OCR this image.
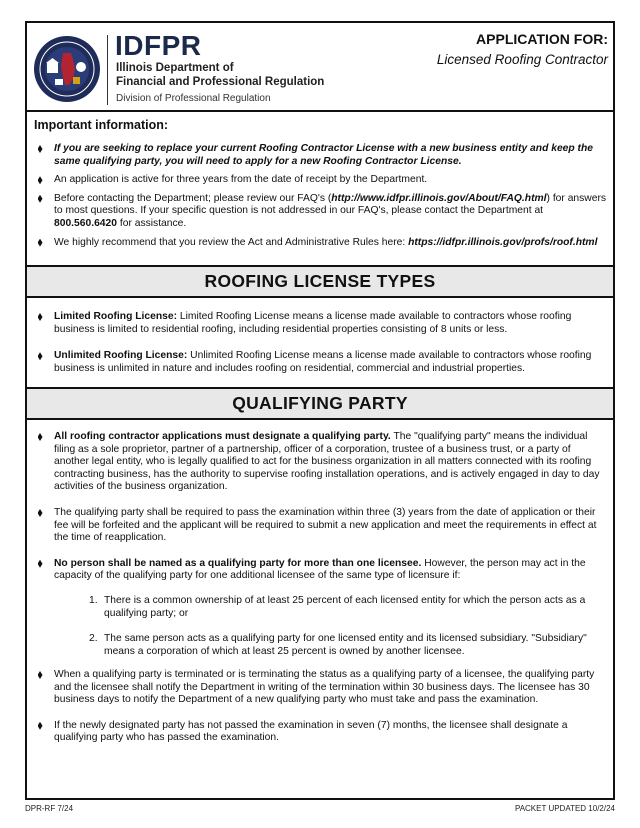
IDFPR
Illinois Department of
Financial and Professional Regulation
Division of Professional Regulation
APPLICATION FOR:
Licensed Roofing Contractor
Important information:
If you are seeking to replace your current Roofing Contractor License with a new business entity and keep the same qualifying party, you will need to apply for a new Roofing Contractor License.
An application is active for three years from the date of receipt by the Department.
Before contacting the Department; please review our FAQ's (http://www.idfpr.illinois.gov/About/FAQ.html) for answers to most questions. If your specific question is not addressed in our FAQ's, please contact the Department at 800.560.6420 for assistance.
We highly recommend that you review the Act and Administrative Rules here: https://idfpr.illinois.gov/profs/roof.html
ROOFING LICENSE TYPES
Limited Roofing License: Limited Roofing License means a license made available to contractors whose roofing business is limited to residential roofing, including residential properties consisting of 8 units or less.
Unlimited Roofing License: Unlimited Roofing License means a license made available to contractors whose roofing business is unlimited in nature and includes roofing on residential, commercial and industrial properties.
QUALIFYING PARTY
All roofing contractor applications must designate a qualifying party. The "qualifying party" means the individual filing as a sole proprietor, partner of a partnership, officer of a corporation, trustee of a business trust, or a party of another legal entity, who is legally qualified to act for the business organization in all matters connected with its roofing contracting business, has the authority to supervise roofing installation operations, and is actively engaged in day to day activities of the business organization.
The qualifying party shall be required to pass the examination within three (3) years from the date of application or their fee will be forfeited and the applicant will be required to submit a new application and meet the requirements in effect at the time of reapplication.
No person shall be named as a qualifying party for more than one licensee. However, the person may act in the capacity of the qualifying party for one additional licensee of the same type of licensure if:
1. There is a common ownership of at least 25 percent of each licensed entity for which the person acts as a qualifying party; or
2. The same person acts as a qualifying party for one licensed entity and its licensed subsidiary. "Subsidiary" means a corporation of which at least 25 percent is owned by another licensee.
When a qualifying party is terminated or is terminating the status as a qualifying party of a licensee, the qualifying party and the licensee shall notify the Department in writing of the termination within 30 business days. The licensee has 30 business days to notify the Department of a new qualifying party who must take and pass the examination.
If the newly designated party has not passed the examination in seven (7) months, the licensee shall designate a qualifying party who has passed the examination.
DPR-RF 7/24	PACKET UPDATED 10/2/24
